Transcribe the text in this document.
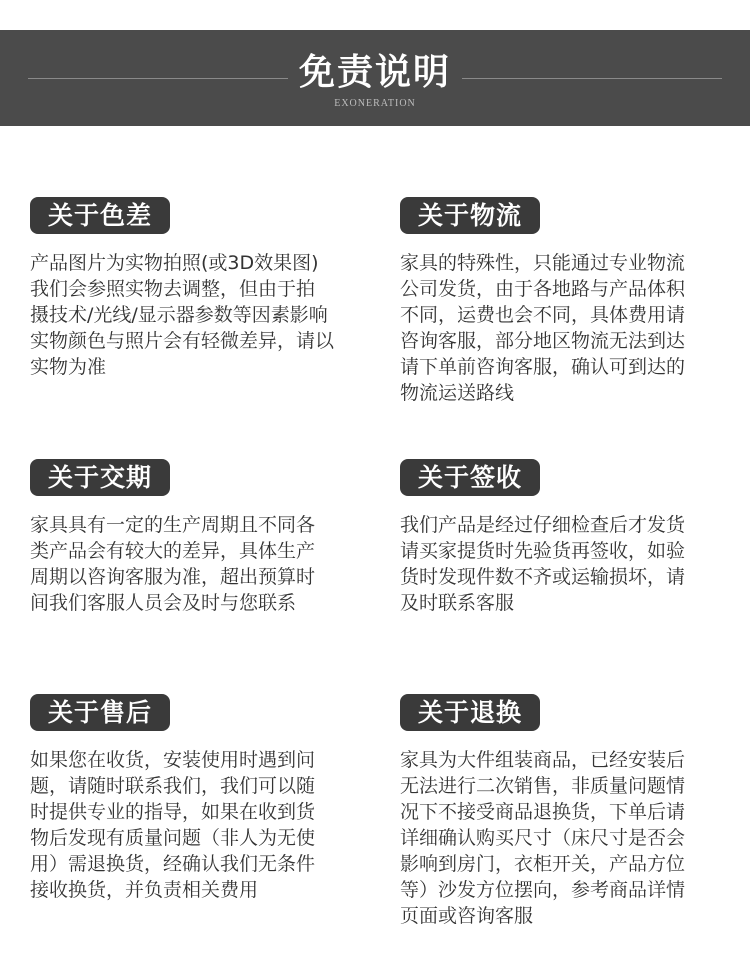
免责说明
EXONERATION
关于色差
产品图片为实物拍照(或3D效果图)
我们会参照实物去调整，但由于拍
摄技术/光线/显示器参数等因素影响
实物颜色与照片会有轻微差异，请以
实物为准
关于物流
家具的特殊性，只能通过专业物流
公司发货，由于各地路与产品体积
不同，运费也会不同，具体费用请
咨询客服，部分地区物流无法到达
请下单前咨询客服，确认可到达的
物流运送路线
关于交期
家具具有一定的生产周期且不同各
类产品会有较大的差异，具体生产
周期以咨询客服为准，超出预算时
间我们客服人员会及时与您联系
关于签收
我们产品是经过仔细检查后才发货
请买家提货时先验货再签收，如验
货时发现件数不齐或运输损坏，请
及时联系客服
关于售后
如果您在收货，安装使用时遇到问
题，请随时联系我们，我们可以随
时提供专业的指导，如果在收到货
物后发现有质量问题（非人为无使
用）需退换货，经确认我们无条件
接收换货，并负责相关费用
关于退换
家具为大件组装商品，已经安装后
无法进行二次销售，非质量问题情
况下不接受商品退换货，下单后请
详细确认购买尺寸（床尺寸是否会
影响到房门，衣柜开关，产品方位
等）沙发方位摆向，参考商品详情
页面或咨询客服
